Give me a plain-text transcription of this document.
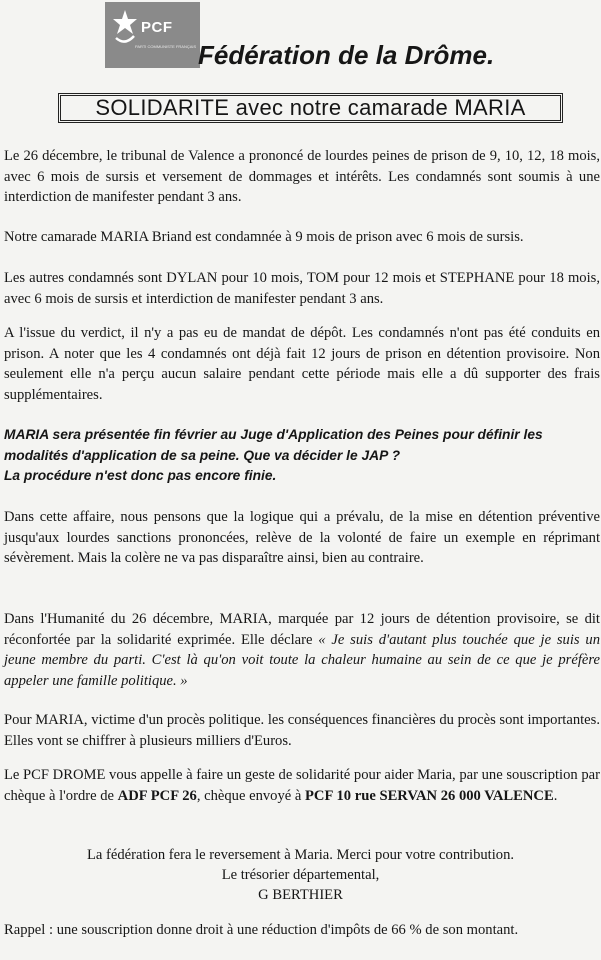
PCF
PARTI COMMUNISTE FRANÇAIS Fédération de la Drôme.
SOLIDARITE avec notre camarade MARIA
Le 26 décembre, le tribunal de Valence a prononcé de lourdes peines de prison de 9, 10, 12, 18 mois, avec 6 mois de sursis et versement de dommages et intérêts. Les condamnés sont soumis à une interdiction de manifester pendant 3 ans.
Notre camarade MARIA Briand est condamnée à 9 mois de prison avec 6 mois de sursis.
Les autres condamnés sont DYLAN pour 10 mois, TOM pour 12 mois et STEPHANE pour 18 mois, avec 6 mois de sursis et interdiction de manifester pendant 3 ans.
A l'issue du verdict, il n'y a pas eu de mandat de dépôt. Les condamnés n'ont pas été conduits en prison. A noter que les 4 condamnés ont déjà fait 12 jours de prison en détention provisoire. Non seulement elle n'a perçu aucun salaire pendant cette période mais elle a dû supporter des frais supplémentaires.
MARIA sera présentée fin février au Juge d'Application des Peines pour définir les modalités d'application de sa peine. Que va décider le JAP ?
La procédure n'est donc pas encore finie.
Dans cette affaire, nous pensons que la logique qui a prévalu, de la mise en détention préventive jusqu'aux lourdes sanctions prononcées, relève de la volonté de faire un exemple en réprimant sévèrement. Mais la colère ne va pas disparaître ainsi, bien au contraire.
Dans l'Humanité du 26 décembre, MARIA, marquée par 12 jours de détention provisoire, se dit réconfortée par la solidarité exprimée. Elle déclare « Je suis d'autant plus touchée que je suis un jeune membre du parti. C'est là qu'on voit toute la chaleur humaine au sein de ce que je préfère appeler une famille politique. »
Pour MARIA, victime d'un procès politique. les conséquences financières du procès sont importantes. Elles vont se chiffrer à plusieurs milliers d'Euros.
Le PCF DROME vous appelle à faire un geste de solidarité pour aider Maria, par une souscription par chèque à l'ordre de ADF PCF 26, chèque envoyé à PCF 10 rue SERVAN 26 000 VALENCE.
La fédération fera le reversement à Maria. Merci pour votre contribution.
Le trésorier départemental,
G BERTHIER
Rappel : une souscription donne droit à une réduction d'impôts de 66 % de son montant.
